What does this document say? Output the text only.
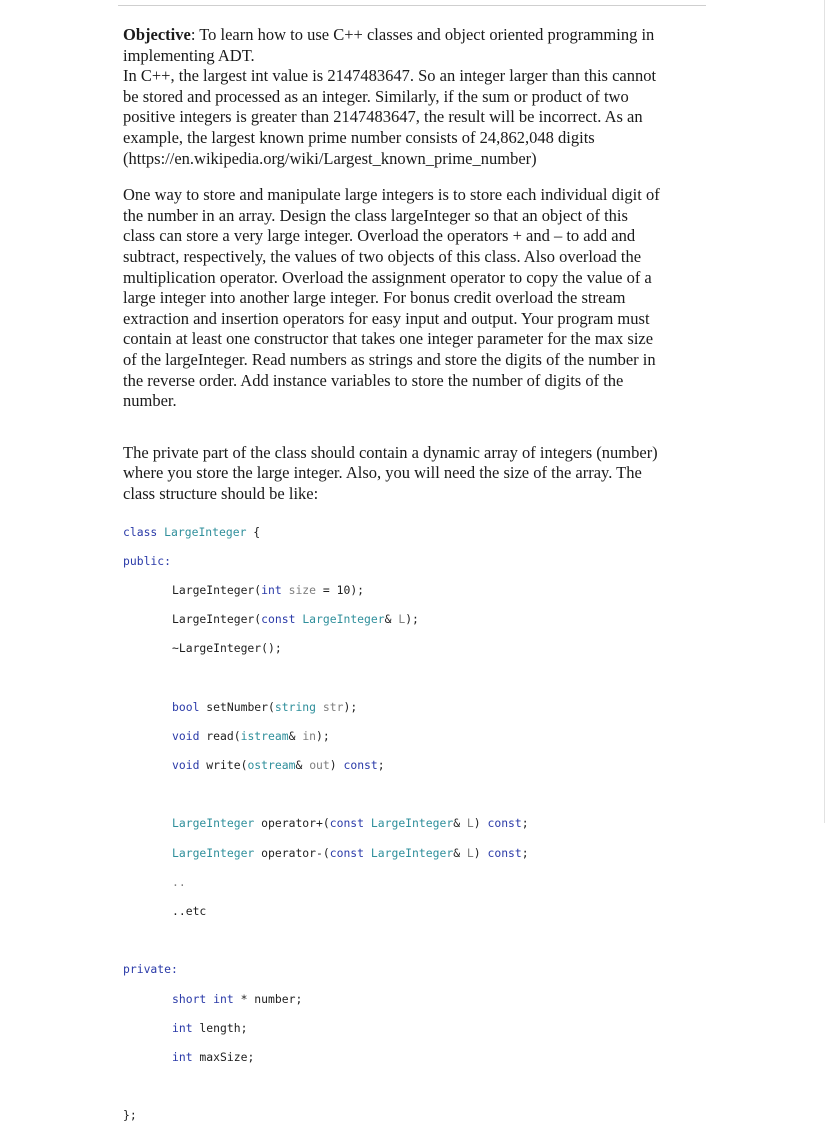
Objective: To learn how to use C++ classes and object oriented programming in
implementing ADT.
In C++, the largest int value is 2147483647. So an integer larger than this cannot
be stored and processed as an integer. Similarly, if the sum or product of two
positive integers is greater than 2147483647, the result will be incorrect. As an
example, the largest known prime number consists of 24,862,048 digits
(https://en.wikipedia.org/wiki/Largest_known_prime_number)

One way to store and manipulate large integers is to store each individual digit of
the number in an array. Design the class largeInteger so that an object of this
class can store a very large integer. Overload the operators + and – to add and
subtract, respectively, the values of two objects of this class. Also overload the
multiplication operator. Overload the assignment operator to copy the value of a
large integer into another large integer. For bonus credit overload the stream
extraction and insertion operators for easy input and output. Your program must
contain at least one constructor that takes one integer parameter for the max size
of the largeInteger. Read numbers as strings and store the digits of the number in
the reverse order. Add instance variables to store the number of digits of the
number.

The private part of the class should contain a dynamic array of integers (number)
where you store the large integer. Also, you will need the size of the array. The
class structure should be like:

class LargeInteger {

public:

LargeInteger(int size = 10);

LargeInteger(const LargeInteger& L);

~LargeInteger();

bool setNumber(string str);

void read(istream& in);

void write(ostream& out) const;

LargeInteger operator+(const LargeInteger& L) const;

LargeInteger operator-(const LargeInteger& L) const;

..

..etc

private:

short int * number;

int length;

int maxSize;

};
